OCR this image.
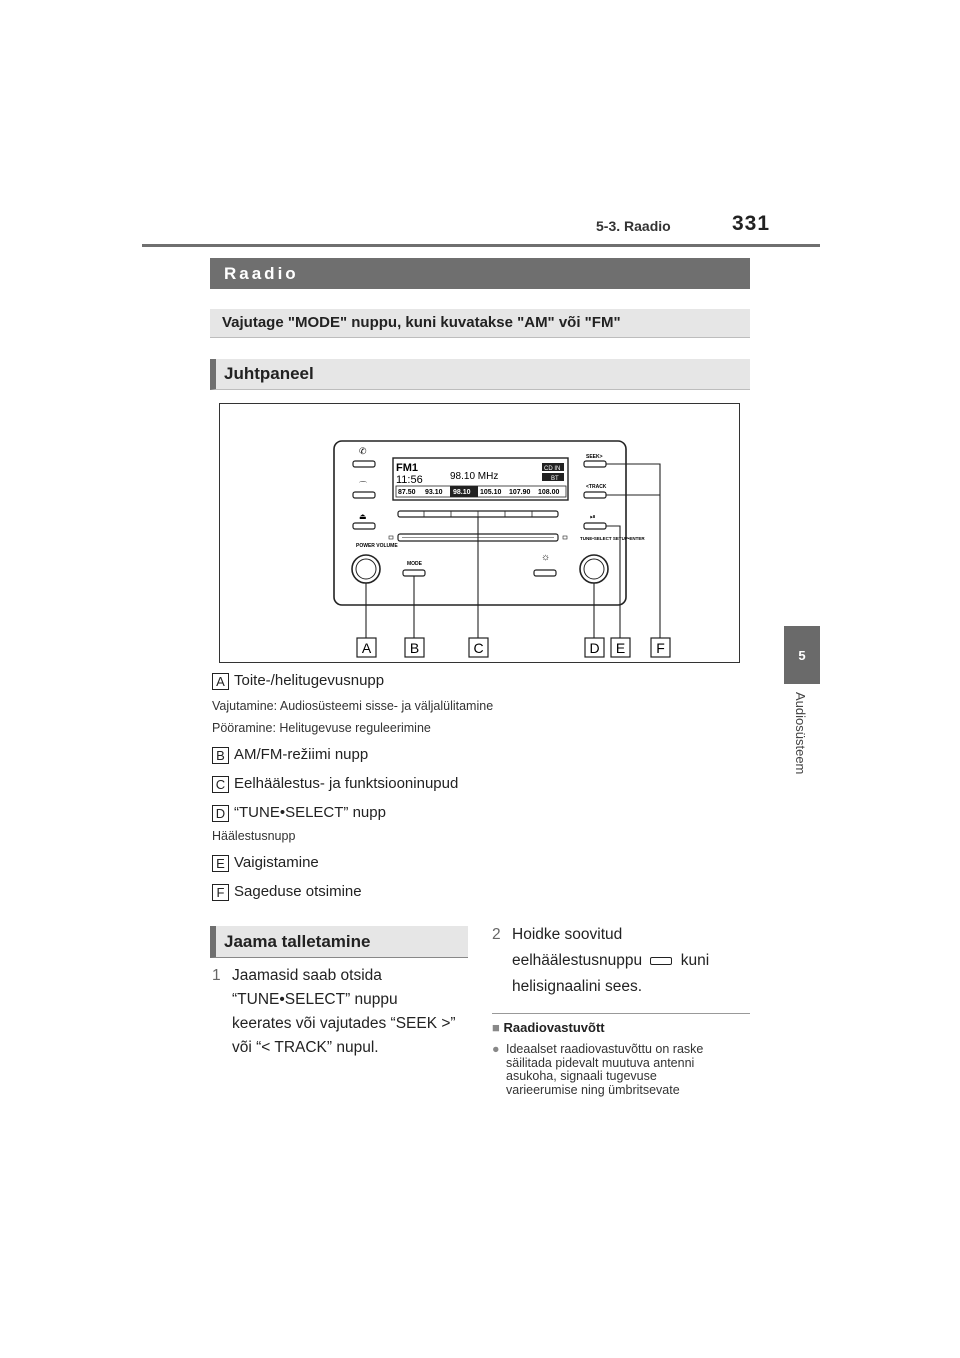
5-3. Raadio	331
5
Audiosüsteem
Raadio
Vajutage "MODE" nuppu, kuni kuvatakse "AM" või "FM"
Juhtpaneel
FM1
11:56	98.10 MHz
CD IN
BT
87.50 93.10 98.10 105.10 107.90 108.00
✆
⌒
⏏
POWER VOLUME
MODE
☼
SEEK>
<TRACK
⏯
TUNE•SELECT SETUP•ENTER
A	B	C	D E F
A Toite-/helitugevusnupp
Vajutamine: Audiosüsteemi sisse- ja väljalülitamine
Pööramine: Helitugevuse reguleerimine
B AM/FM-režiimi nupp
C Eelhäälestus- ja funktsiooninupud
D “TUNE•SELECT” nupp
Häälestusnupp
E Vaigistamine
F Sageduse otsimine
Jaama talletamine
1 Jaamasid saab otsida
“TUNE•SELECT” nuppu
keerates või vajutades “SEEK >”
või “< TRACK” nupul.
2 Hoidke soovitud
eelhäälestusnuppu kuni
helisignaalini sees.
■ Raadiovastuvõtt
● Ideaalset raadiovastuvõttu on raske
säilitada pidevalt muutuva antenni
asukoha, signaali tugevuse
varieerumise ning ümbritsevate
